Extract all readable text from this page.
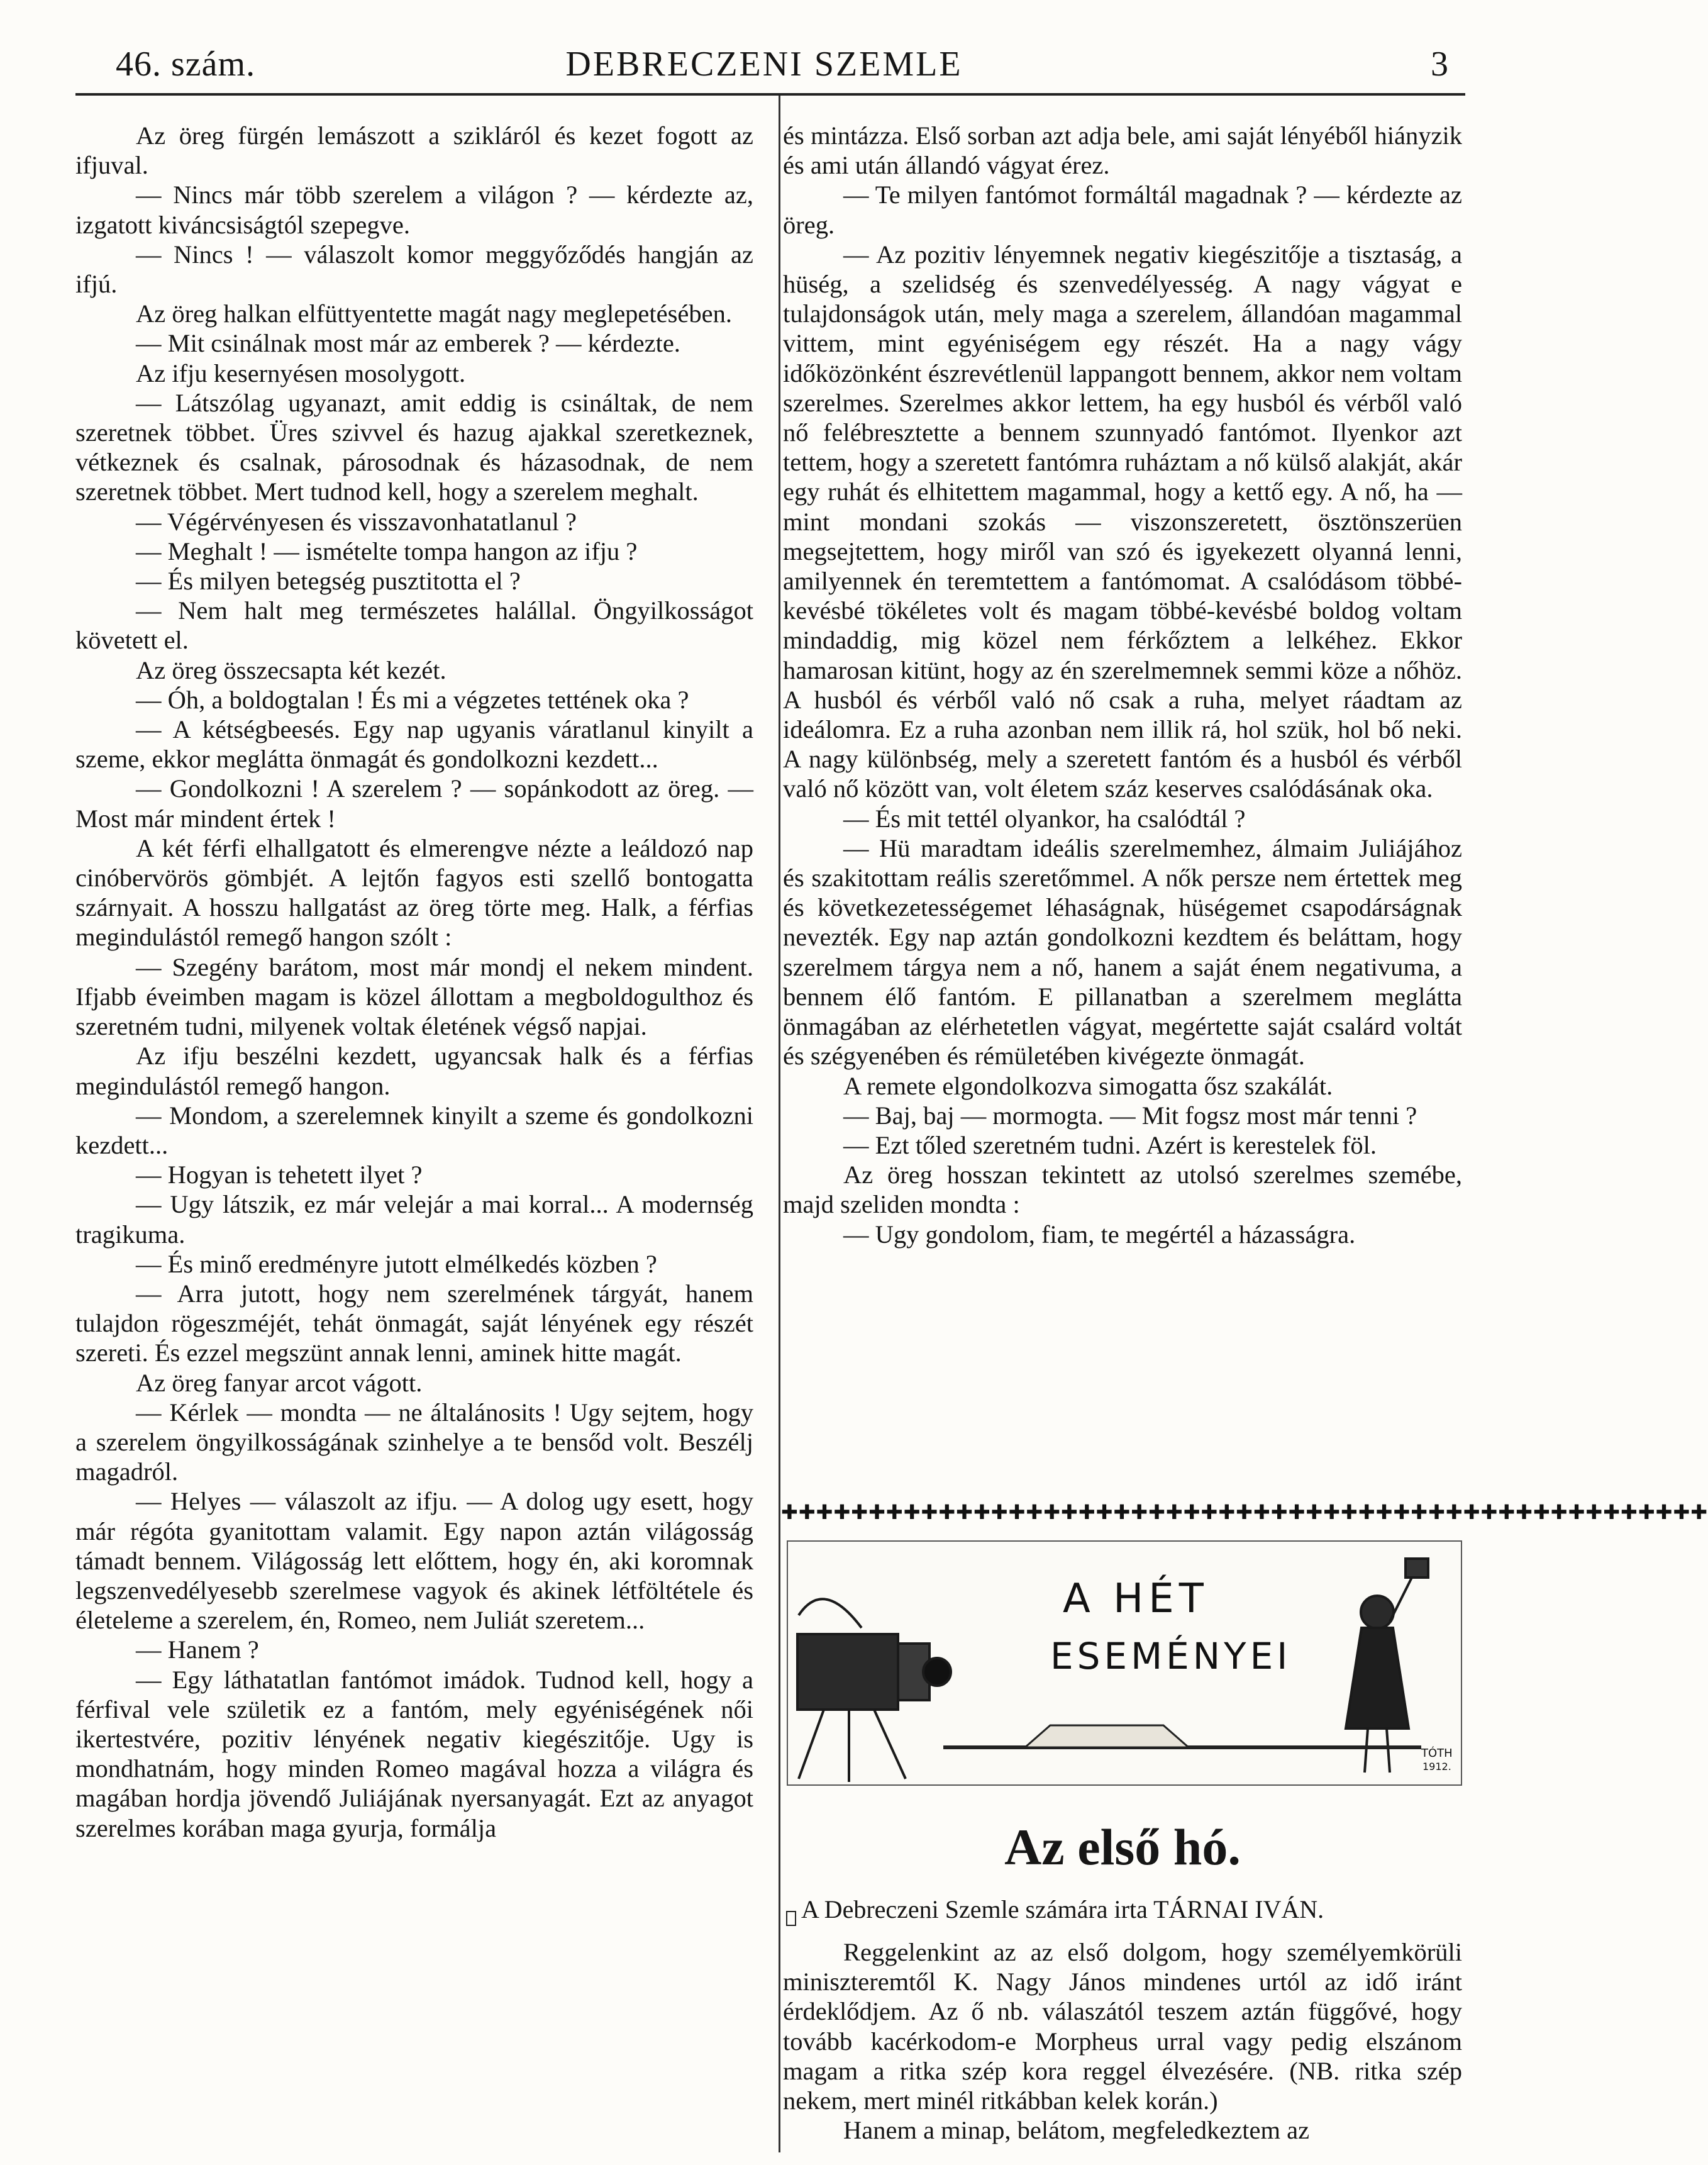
46. szám.	DEBRECZENI SZEMLE	3

Az öreg fürgén lemászott a szikláról és kezet fogott az ifjuval.

— Nincs már több szerelem a világon ? — kérdezte az, izgatott kiváncsiságtól szepegve.

— Nincs ! — válaszolt komor meggyőződés hangján az ifjú.

Az öreg halkan elfüttyentette magát nagy meglepetésében.

— Mit csinálnak most már az emberek ? — kérdezte.

Az ifju kesernyésen mosolygott.

— Látszólag ugyanazt, amit eddig is csináltak, de nem szeretnek többet. Üres szivvel és hazug ajakkal szeretkeznek, vétkeznek és csalnak, párosodnak és házasodnak, de nem szeretnek többet. Mert tudnod kell, hogy a szerelem meghalt.

— Végérvényesen és visszavonhatatlanul ?

— Meghalt ! — ismételte tompa hangon az ifju ?

— És milyen betegség pusztitotta el ?

— Nem halt meg természetes halállal. Öngyilkosságot követett el.

Az öreg összecsapta két kezét.

— Óh, a boldogtalan ! És mi a végzetes tettének oka ?

— A kétségbeesés. Egy nap ugyanis váratlanul kinyilt a szeme, ekkor meglátta önmagát és gondolkozni kezdett...

— Gondolkozni ! A szerelem ? — sopánkodott az öreg. — Most már mindent értek !

A két férfi elhallgatott és elmerengve nézte a leáldozó nap cinóbervörös gömbjét. A lejtőn fagyos esti szellő bontogatta szárnyait. A hosszu hallgatást az öreg törte meg. Halk, a férfias megindulástól remegő hangon szólt :

— Szegény barátom, most már mondj el nekem mindent. Ifjabb éveimben magam is közel állottam a megboldogulthoz és szeretném tudni, milyenek voltak életének végső napjai.

Az ifju beszélni kezdett, ugyancsak halk és a férfias megindulástól remegő hangon.

— Mondom, a szerelemnek kinyilt a szeme és gondolkozni kezdett...

— Hogyan is tehetett ilyet ?

— Ugy látszik, ez már velejár a mai korral... A modernség tragikuma.

— És minő eredményre jutott elmélkedés közben ?

— Arra jutott, hogy nem szerelmének tárgyát, hanem tulajdon rögeszméjét, tehát önmagát, saját lényének egy részét szereti. És ezzel megszünt annak lenni, aminek hitte magát.

Az öreg fanyar arcot vágott.

— Kérlek — mondta — ne általánosits ! Ugy sejtem, hogy a szerelem öngyilkosságának szinhelye a te bensőd volt. Beszélj magadról.

— Helyes — válaszolt az ifju. — A dolog ugy esett, hogy már régóta gyanitottam valamit. Egy napon aztán világosság támadt bennem. Világosság lett előttem, hogy én, aki koromnak legszenvedélyesebb szerelmese vagyok és akinek létföltétele és életeleme a szerelem, én, Romeo, nem Juliát szeretem...

— Hanem ?

— Egy láthatatlan fantómot imádok. Tudnod kell, hogy a férfival vele születik ez a fantóm, mely egyéniségének női ikertestvére, pozitiv lényének negativ kiegészitője. Ugy is mondhatnám, hogy minden Romeo magával hozza a világra és magában hordja jövendő Juliájának nyersanyagát. Ezt az anyagot szerelmes korában maga gyurja, formálja

és mintázza. Első sorban azt adja bele, ami saját lényéből hiányzik és ami után állandó vágyat érez.

— Te milyen fantómot formáltál magadnak ? — kérdezte az öreg.

— Az pozitiv lényemnek negativ kiegészitője a tisztaság, a hüség, a szelidség és szenvedélyesség. A nagy vágyat e tulajdonságok után, mely maga a szerelem, állandóan magammal vittem, mint egyéniségem egy részét. Ha a nagy vágy időközönként észrevétlenül lappangott bennem, akkor nem voltam szerelmes. Szerelmes akkor lettem, ha egy husból és vérből való nő felébresztette a bennem szunnyadó fantómot. Ilyenkor azt tettem, hogy a szeretett fantómra ruháztam a nő külső alakját, akár egy ruhát és elhitettem magammal, hogy a kettő egy. A nő, ha — mint mondani szokás — viszonszeretett, ösztönszerüen megsejtettem, hogy miről van szó és igyekezett olyanná lenni, amilyennek én teremtettem a fantómomat. A csalódásom többé-kevésbé tökéletes volt és magam többé-kevésbé boldog voltam mindaddig, mig közel nem férkőztem a lelkéhez. Ekkor hamarosan kitünt, hogy az én szerelmemnek semmi köze a nőhöz. A husból és vérből való nő csak a ruha, melyet ráadtam az ideálomra. Ez a ruha azonban nem illik rá, hol szük, hol bő neki. A nagy különbség, mely a szeretett fantóm és a husból és vérből való nő között van, volt életem száz keserves csalódásának oka.

— És mit tettél olyankor, ha csalódtál ?

— Hü maradtam ideális szerelmemhez, álmaim Juliájához és szakitottam reális szeretőmmel. A nők persze nem értettek meg és következetességemet léhaságnak, hüségemet csapodárságnak nevezték. Egy nap aztán gondolkozni kezdtem és beláttam, hogy szerelmem tárgya nem a nő, hanem a saját énem negativuma, a bennem élő fantóm. E pillanatban a szerelmem meglátta önmagában az elérhetetlen vágyat, megértette saját csalárd voltát és szégyenében és rémületében kivégezte önmagát.

A remete elgondolkozva simogatta ősz szakálát.

— Baj, baj — mormogta. — Mit fogsz most már tenni ?

— Ezt tőled szeretném tudni. Azért is kerestelek föl.

Az öreg hosszan tekintett az utolsó szerelmes szemébe, majd szeliden mondta :

— Ugy gondolom, fiam, te megértél a házasságra.

✚✚✚✚✚✚✚✚✚✚✚✚✚✚✚✚✚✚✚✚✚✚✚✚✚✚✚✚✚✚✚✚✚✚✚✚✚✚✚✚✚✚✚✚✚✚✚✚✚✚✚✚✚
A HÉT
ESEMÉNYEI
TÓTH
1912.
Az első hó.
A Debreczeni Szemle számára irta TÁRNAI IVÁN.

Reggelenkint az az első dolgom, hogy személyemkörüli miniszteremtől K. Nagy János mindenes urtól az idő iránt érdeklődjem. Az ő nb. válaszától teszem aztán függővé, hogy tovább kacérkodom-e Morpheus urral vagy pedig elszánom magam a ritka szép kora reggel élvezésére. (NB. ritka szép nekem, mert minél ritkábban kelek korán.)

Hanem a minap, belátom, megfeledkeztem az
